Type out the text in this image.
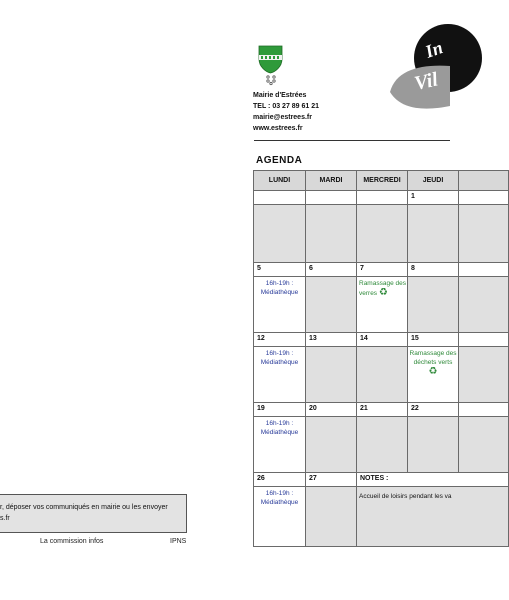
r, déposer vos communiqués en mairie ou les envoyer
s.fr
La commission infos	IPNS
Mairie d'Estrées
TEL : 03 27 89 61 21
mairie@estrees.fr
www.estrees.fr
In
Vil
AGENDA
LUNDI	MARDI	MERCREDI	JEUDI	
			1	

5	6	7	8	

16h-19h : Médiathèque		Ramassage des verres ♻		

12	13	14	15	

16h-19h : Médiathèque			Ramassage des déchets verts
♻	

19	20	21	22	

16h-19h : Médiathèque				

26	27	NOTES :		

16h-19h : Médiathèque		Accueil de loisirs pendant les va		
